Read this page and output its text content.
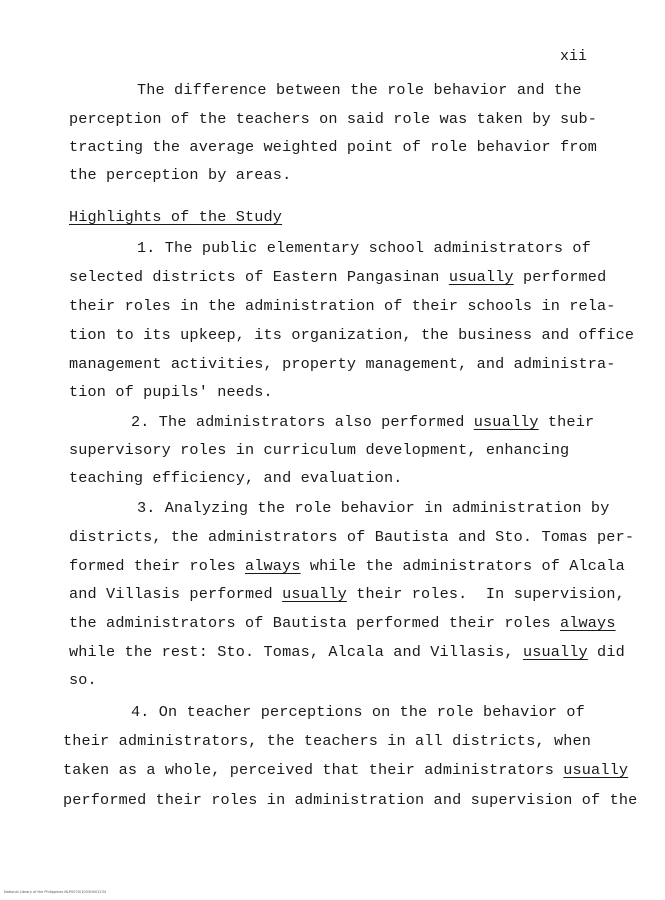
xii
The difference between the role behavior and the
perception of the teachers on said role was taken by sub-
tracting the average weighted point of role behavior from
the perception by areas.
Highlights of the Study
1. The public elementary school administrators of
selected districts of Eastern Pangasinan usually performed
their roles in the administration of their schools in rela-
tion to its upkeep, its organization, the business and office
management activities, property management, and administra-
tion of pupils' needs.
2. The administrators also performed usually their
supervisory roles in curriculum development, enhancing
teaching efficiency, and evaluation.
3. Analyzing the role behavior in administration by
districts, the administrators of Bautista and Sto. Tomas per-
formed their roles always while the administrators of Alcala
and Villasis performed usually their roles.  In supervision,
the administrators of Bautista performed their roles always
while the rest: Sto. Tomas, Alcala and Villasis, usually did
so.
4. On teacher perceptions on the role behavior of
their administrators, the teachers in all districts, when
taken as a whole, perceived that their administrators usually
performed their roles in administration and supervision of the
National Library of the Philippines NLP0070/1003H001234
